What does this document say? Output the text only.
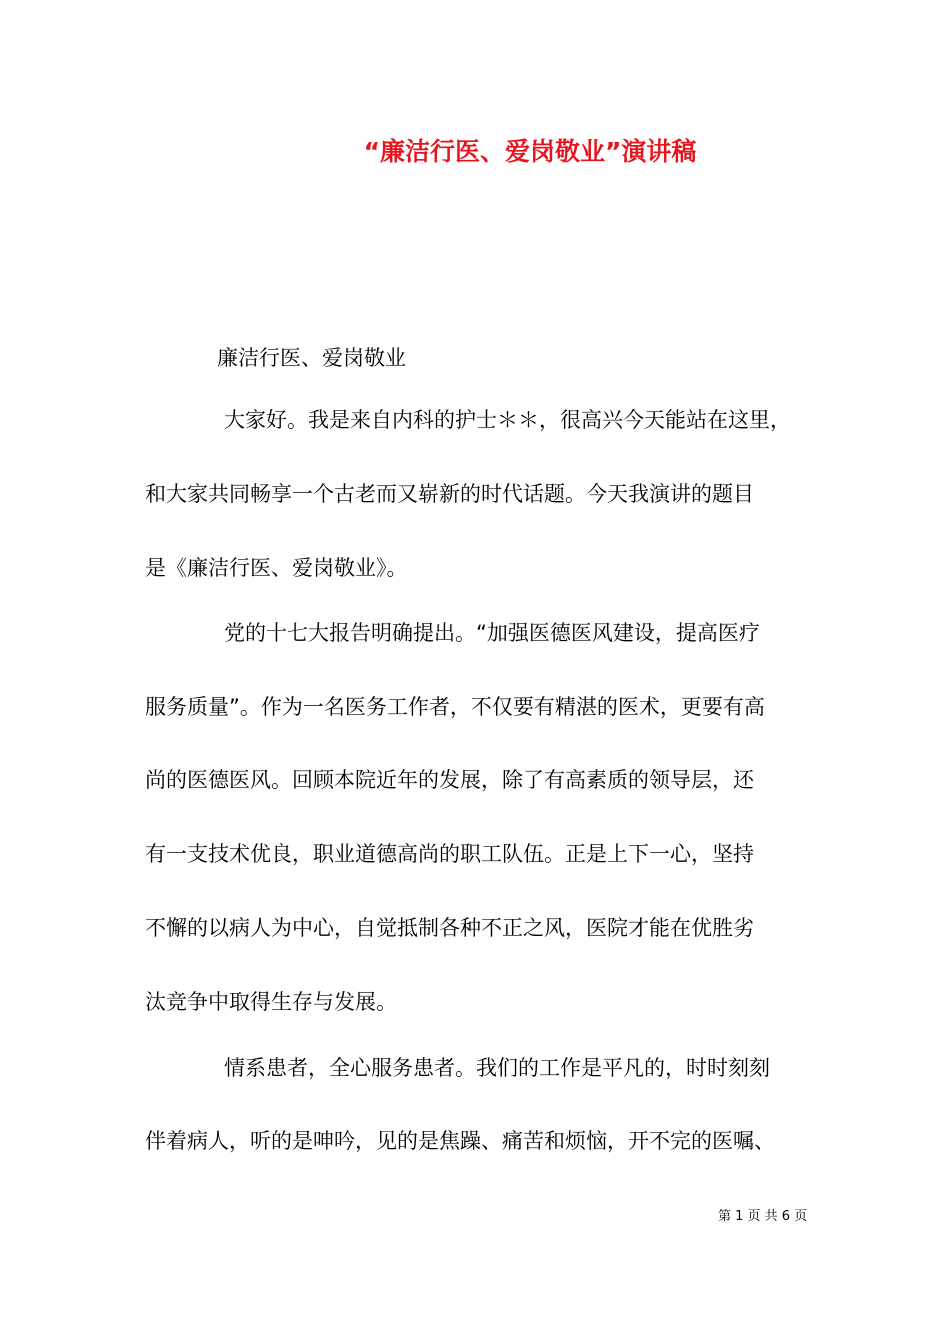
“廉洁行医、爱岗敬业”演讲稿
廉洁行医、爱岗敬业
大家好。我是来自内科的护士＊＊，很高兴今天能站在这里，
和大家共同畅享一个古老而又崭新的时代话题。今天我演讲的题目
是《廉洁行医、爱岗敬业》。
党的十七大报告明确提出。“加强医德医风建设，提高医疗
服务质量”。作为一名医务工作者，不仅要有精湛的医术，更要有高
尚的医德医风。回顾本院近年的发展，除了有高素质的领导层，还
有一支技术优良，职业道德高尚的职工队伍。正是上下一心，坚持
不懈的以病人为中心，自觉抵制各种不正之风，医院才能在优胜劣
汰竞争中取得生存与发展。
情系患者，全心服务患者。我们的工作是平凡的，时时刻刻
伴着病人，听的是呻吟，见的是焦躁、痛苦和烦恼，开不完的医嘱、
第 1 页 共 6 页
